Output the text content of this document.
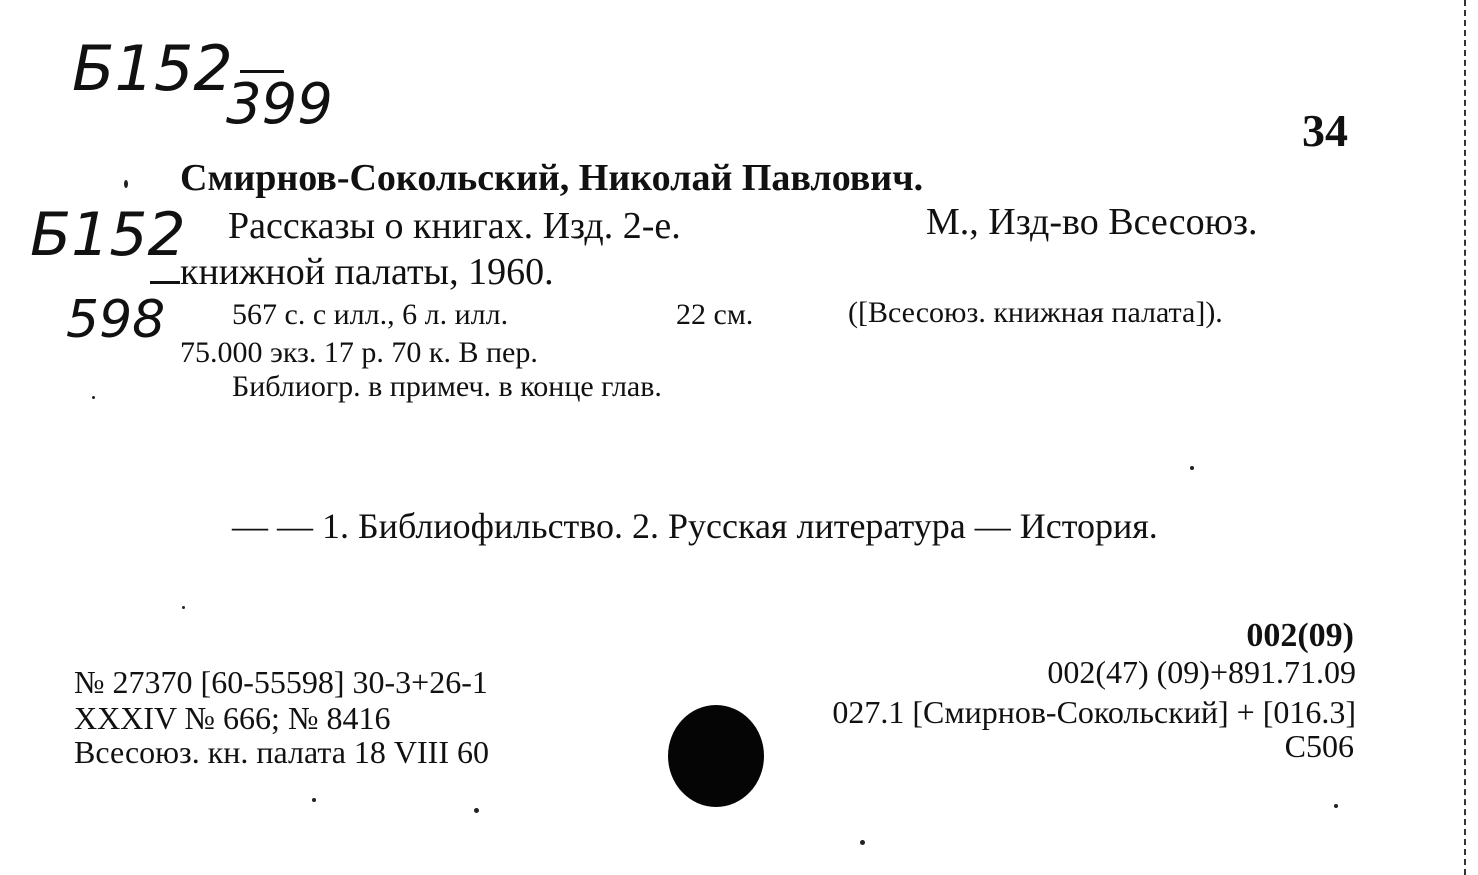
Б152
399
Б152
598
34
Смирнов-Сокольский, Николай Павлович.
Рассказы о книгах. Изд. 2-е.	М., Изд-во Всесоюз.
книжной палаты, 1960.
567 с. с илл., 6 л. илл.	22 см.	([Всесоюз. книжная палата]).
75.000 экз. 17 р. 70 к. В пер.
Библиогр. в примеч. в конце глав.
— — 1. Библиофильство. 2. Русская литература — История.
002(09)
002(47) (09)+891.71.09
027.1 [Смирнов-Сокольский] + [016.3]
С506
№ 27370 [60-55598] 30-3+26-1
XXXIV № 666; № 8416
Всесоюз. кн. палата 18 VIII 60
